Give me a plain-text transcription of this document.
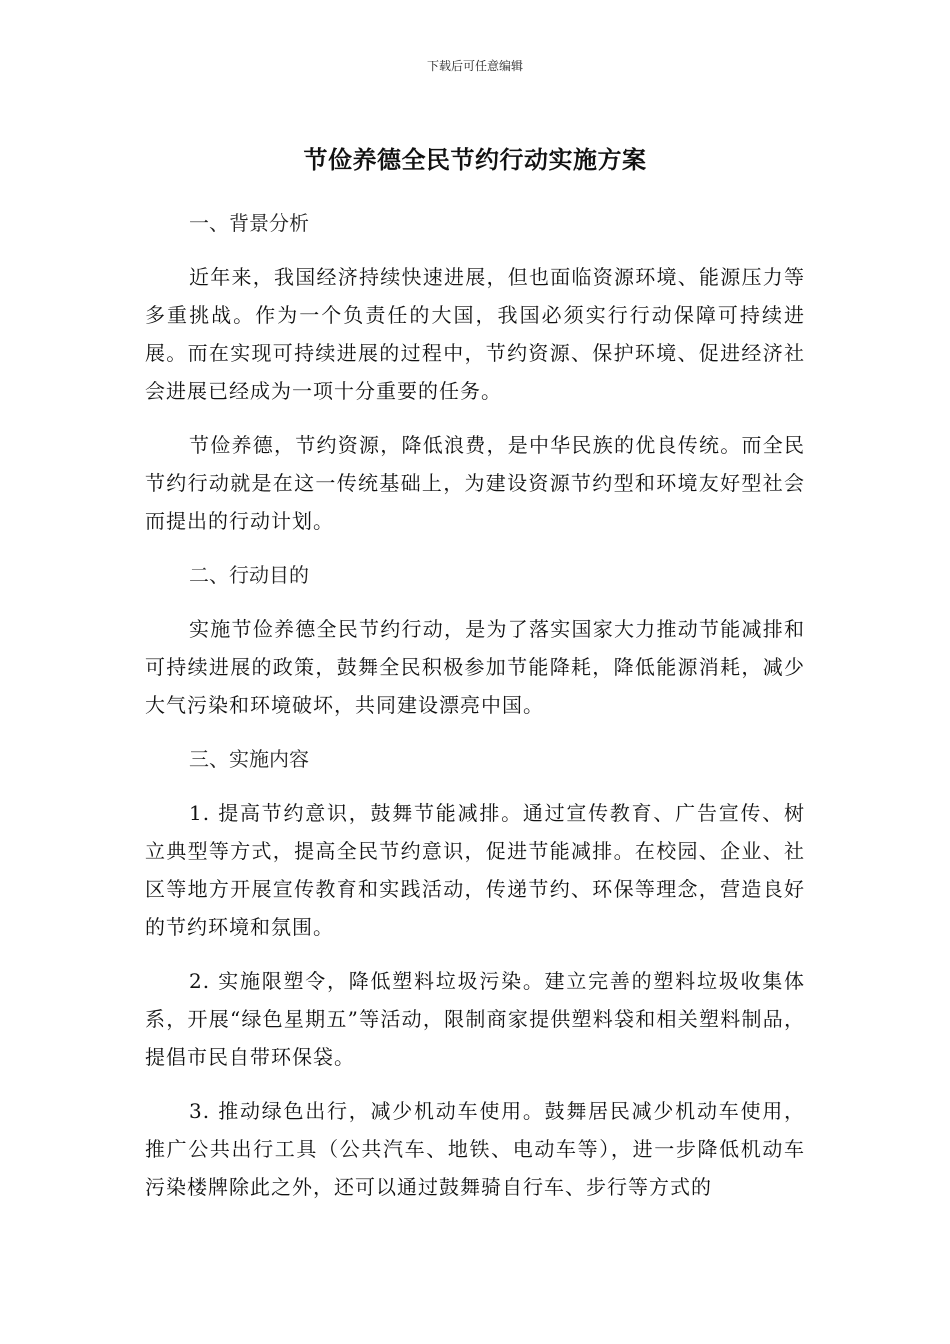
下载后可任意编辑
节俭养德全民节约行动实施方案

一、背景分析

近年来，我国经济持续快速进展，但也面临资源环境、能源压力等多重挑战。作为一个负责任的大国，我国必须实行行动保障可持续进展。而在实现可持续进展的过程中，节约资源、保护环境、促进经济社会进展已经成为一项十分重要的任务。

节俭养德，节约资源，降低浪费，是中华民族的优良传统。而全民节约行动就是在这一传统基础上，为建设资源节约型和环境友好型社会而提出的行动计划。

二、行动目的

实施节俭养德全民节约行动，是为了落实国家大力推动节能减排和可持续进展的政策，鼓舞全民积极参加节能降耗，降低能源消耗，减少大气污染和环境破坏，共同建设漂亮中国。

三、实施内容

1. 提高节约意识，鼓舞节能减排。通过宣传教育、广告宣传、树立典型等方式，提高全民节约意识，促进节能减排。在校园、企业、社区等地方开展宣传教育和实践活动，传递节约、环保等理念，营造良好的节约环境和氛围。

2. 实施限塑令，降低塑料垃圾污染。建立完善的塑料垃圾收集体系，开展“绿色星期五”等活动，限制商家提供塑料袋和相关塑料制品，提倡市民自带环保袋。

3. 推动绿色出行，减少机动车使用。鼓舞居民减少机动车使用，推广公共出行工具（公共汽车、地铁、电动车等），进一步降低机动车污染楼牌除此之外，还可以通过鼓舞骑自行车、步行等方式的
